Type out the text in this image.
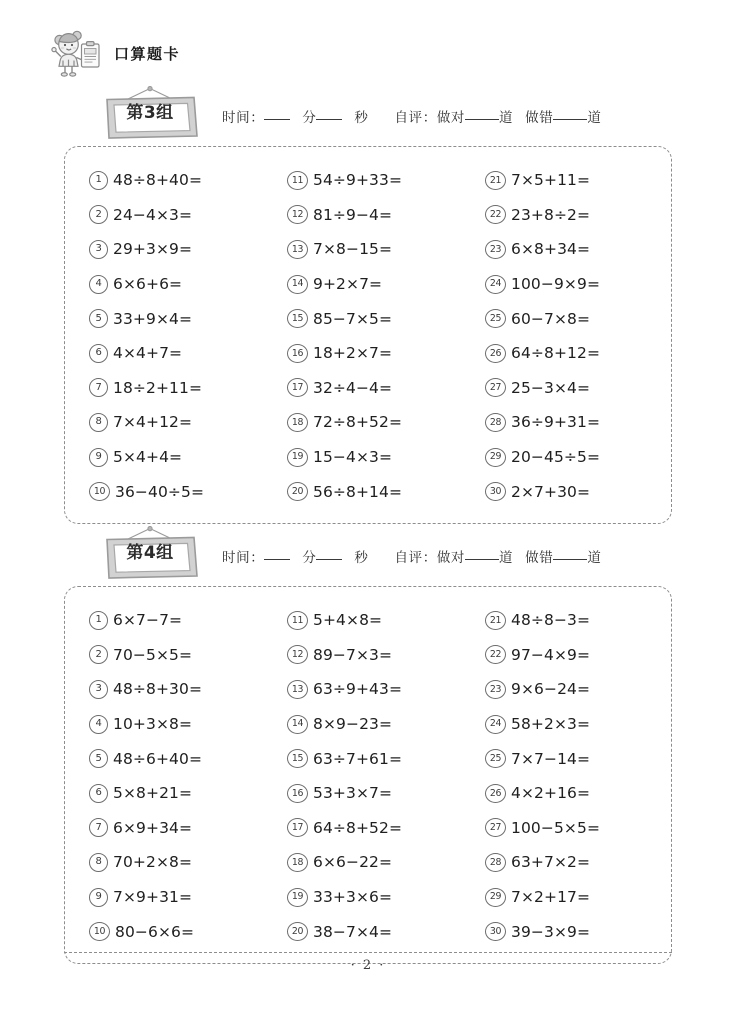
口算题卡
第3组	时间：	分	秒 自评：做对	道 做错	道
1 48÷8+40=	11 54÷9+33=	21 7×5+11=
2 24−4×3=	12 81÷9−4=	22 23+8÷2=
3 29+3×9=	13 7×8−15=	23 6×8+34=
4 6×6+6=	14 9+2×7=	24 100−9×9=
5 33+9×4=	15 85−7×5=	25 60−7×8=
6 4×4+7=	16 18+2×7=	26 64÷8+12=
7 18÷2+11=	17 32÷4−4=	27 25−3×4=
8 7×4+12=	18 72÷8+52=	28 36÷9+31=
9 5×4+4=	19 15−4×3=	29 20−45÷5=
10 36−40÷5=	20 56÷8+14=	30 2×7+30=
第4组	时间：	分	秒 自评：做对	道 做错	道
1 6×7−7=	11 5+4×8=	21 48÷8−3=
2 70−5×5=	12 89−7×3=	22 97−4×9=
3 48÷8+30=	13 63÷9+43=	23 9×6−24=
4 10+3×8=	14 8×9−23=	24 58+2×3=
5 48÷6+40=	15 63÷7+61=	25 7×7−14=
6 5×8+21=	16 53+3×7=	26 4×2+16=
7 6×9+34=	17 64÷8+52=	27 100−5×5=
8 70+2×8=	18 6×6−22=	28 63+7×2=
9 7×9+31=	19 33+3×6=	29 7×2+17=
10 80−6×6=	20 38−7×4=	30 39−3×9=
· 2 ·
